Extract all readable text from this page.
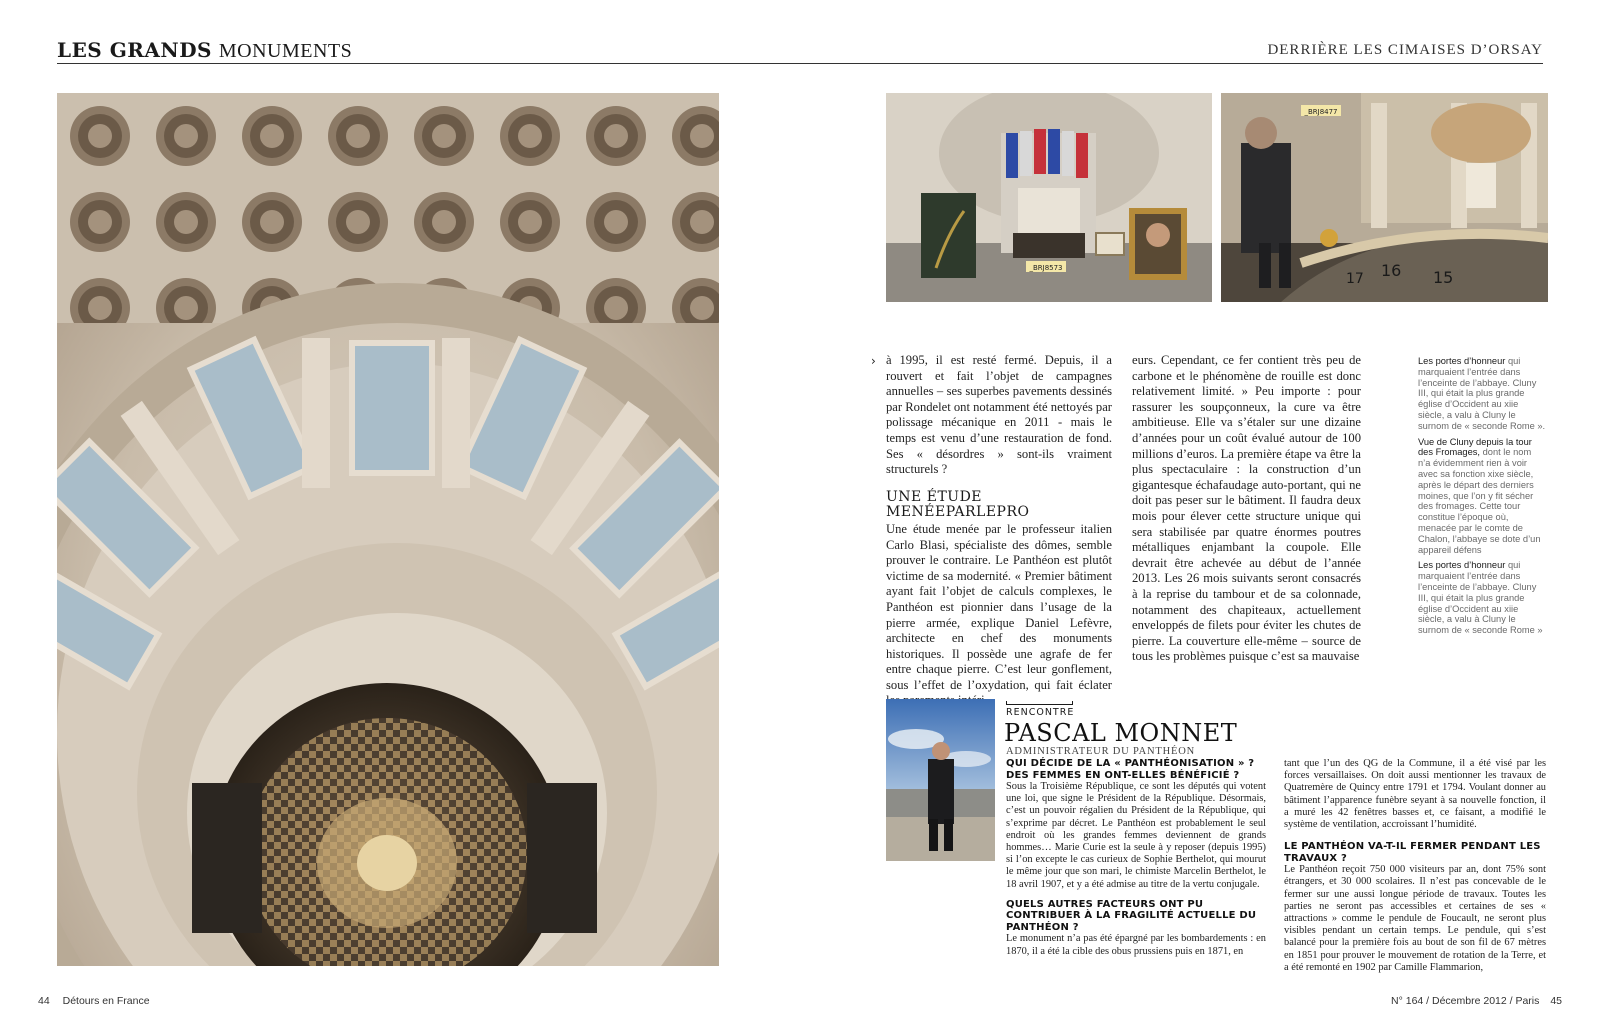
LES GRANDS MONUMENTS	DERRIÈRE LES CIMAISES D’ORSAY
_BRJ8573
_BRJ8477
17 16 15
› à 1995, il est resté fermé. Depuis, il a rouvert et fait l’objet de campagnes annuelles – ses superbes pavements dessinés par Rondelet ont notamment été nettoyés par polissage mécanique en 2011 - mais le temps est venu d’une restauration de fond. Ses « désordres » sont-ils vraiment structurels ?

UNE ÉTUDE MENÉEPARLEPRO

Une étude menée par le professeur italien Carlo Blasi, spécialiste des dômes, semble prouver le contraire. Le Panthéon est plutôt victime de sa modernité. « Premier bâtiment ayant fait l’objet de calculs complexes, le Panthéon est pionnier dans l’usage de la pierre armée, explique Daniel Lefèvre, architecte en chef des monuments historiques. Il possède une agrafe de fer entre chaque pierre. C’est leur gonflement, sous l’effet de l’oxydation, qui fait éclater

eurs. Cependant, ce fer contient très peu de carbone et le phénomène de rouille est donc relativement limité. » Peu importe : pour rassurer les soupçonneux, la cure va être ambitieuse. Elle va s’étaler sur une dizaine d’années pour un coût évalué autour de 100 millions d’euros. La première étape va être la plus spectaculaire : la construction d’un gigantesque échafaudage auto-portant, qui ne doit pas peser sur le bâtiment. Il faudra deux mois pour élever cette structure unique qui sera stabilisée par quatre énormes poutres métalliques enjambant la coupole. Elle devrait être achevée au début de l’année 2013. Les 26 mois suivants seront consacrés à la reprise du tambour et de sa colonnade, notamment des chapiteaux, actuellement enveloppés de filets pour éviter les chutes de pierre. La couverture elle-même – source de tous les problèmes puisque c’est sa mauvaise

Les portes d’honneur qui marquaient l’entrée dans l’enceinte de l’abbaye. Cluny III, qui était la plus grande église d’Occident au xiie siècle, a valu à Cluny le surnom de « seconde Rome ».

Vue de Cluny depuis la tour des Fromages, dont le nom n’a évidemment rien à voir avec sa fonction xixe siècle, après le départ des derniers moines, que l’on y fit sécher des fromages. Cette tour constitue l’époque où, menacée par le comte de Chalon, l’abbaye se dote d’un appareil défens

Les portes d’honneur qui marquaient l’entrée dans l’enceinte de l’abbaye. Cluny III, qui était la plus grande église d’Occident au xiie siècle, a valu à Cluny le surnom de « seconde Rome »

RENCONTRE
PASCAL MONNET
ADMINISTRATEUR DU PANTHÉON

QUI DÉCIDE DE LA « PANTHÉONISATION » ? DES FEMMES EN ONT-ELLES BÉNÉFICIÉ ?

Sous la Troisième République, ce sont les députés qui votent une loi, que signe le Président de la République. Désormais, c’est un pouvoir régalien du Président de la République, qui s’exprime par décret. Le Panthéon est probablement le seul endroit où les grandes femmes deviennent de grands hommes… Marie Curie est la seule à y reposer (depuis 1995) si l’on excepte le cas curieux de Sophie Berthelot, qui mourut le même jour que son mari, le chimiste Marcelin Berthelot, le 18 avril 1907, et y a été admise au titre de la vertu conjugale.

QUELS AUTRES FACTEURS ONT PU CONTRIBUER À LA FRAGILITÉ ACTUELLE DU PANTHÉON ?

Le monument n’a pas été épargné par les bombardements : en 1870, il a été la cible des obus prussiens puis en 1871, en

tant que l’un des QG de la Commune, il a été visé par les forces versaillaises. On doit aussi mentionner les travaux de Quatremère de Quincy entre 1791 et 1794. Voulant donner au bâtiment l’apparence funèbre seyant à sa nouvelle fonction, il a muré les 42 fenêtres basses et, ce faisant, a modifié le système de ventilation, accroissant l’humidité.

LE PANTHÉON VA-T-IL FERMER PENDANT LES TRAVAUX ?

Le Panthéon reçoit 750 000 visiteurs par an, dont 75% sont étrangers, et 30 000 scolaires. Il n’est pas concevable de le fermer sur une aussi longue période de travaux. Toutes les parties ne seront pas accessibles et certaines de ses « attractions » comme le pendule de Foucault, ne seront plus visibles pendant un certain temps. Le pendule, qui s’est balancé pour la première fois au bout de son fil de 67 mètres en 1851 pour prouver le mouvement de rotation de la Terre, et a été remonté en 1902 par Camille Flammarion,

44 Détours en France	N° 164 / Décembre 2012 / Paris 45
